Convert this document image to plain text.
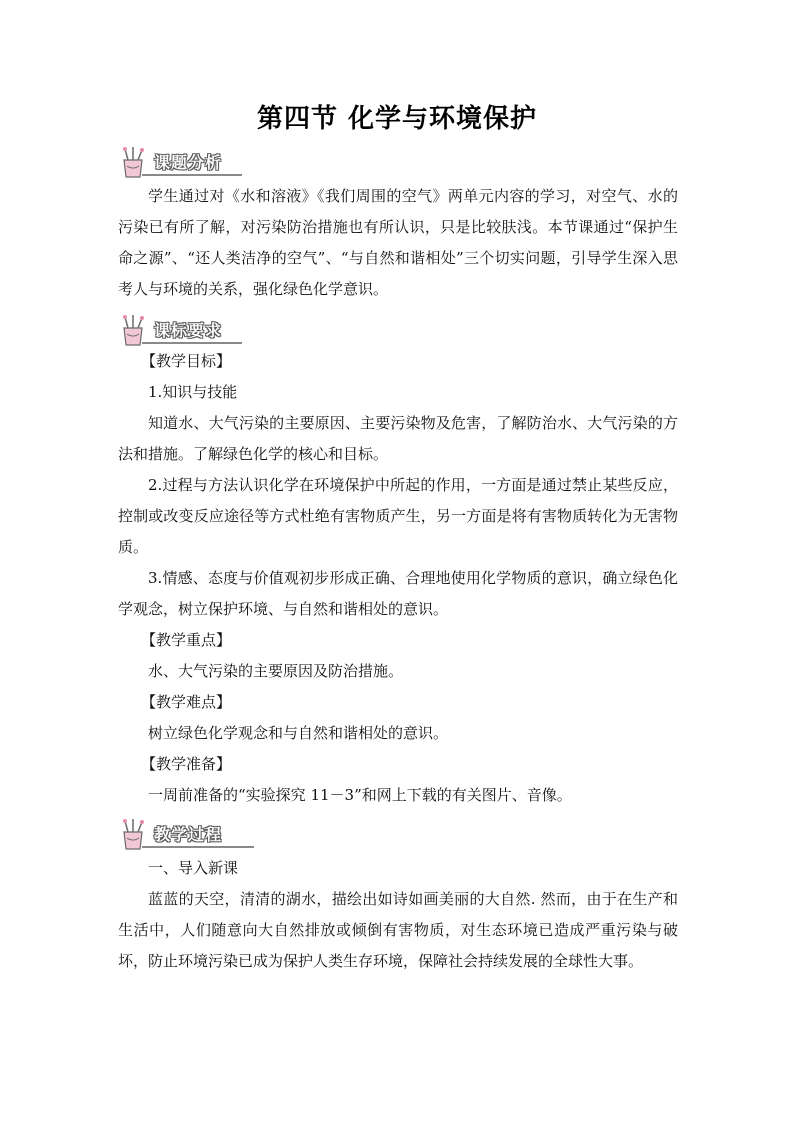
第四节 化学与环境保护
课题分析

学生通过对《水和溶液》《我们周围的空气》两单元内容的学习，对空气、水的污染已有所了解，对污染防治措施也有所认识，只是比较肤浅。本节课通过“保护生命之源”、“还人类洁净的空气”、“与自然和谐相处”三个切实问题，引导学生深入思考人与环境的关系，强化绿色化学意识。

课标要求

【教学目标】

1.知识与技能

知道水、大气污染的主要原因、主要污染物及危害，了解防治水、大气污染的方法和措施。了解绿色化学的核心和目标。

2.过程与方法认识化学在环境保护中所起的作用，一方面是通过禁止某些反应，控制或改变反应途径等方式杜绝有害物质产生，另一方面是将有害物质转化为无害物质。

3.情感、态度与价值观初步形成正确、合理地使用化学物质的意识，确立绿色化学观念，树立保护环境、与自然和谐相处的意识。

【教学重点】

水、大气污染的主要原因及防治措施。

【教学难点】

树立绿色化学观念和与自然和谐相处的意识。

【教学准备】

一周前准备的“实验探究 11－3”和网上下载的有关图片、音像。

教学过程

一、导入新课

蓝蓝的天空，清清的湖水，描绘出如诗如画美丽的大自然. 然而，由于在生产和生活中，人们随意向大自然排放或倾倒有害物质，对生态环境已造成严重污染与破坏，防止环境污染已成为保护人类生存环境，保障社会持续发展的全球性大事。
